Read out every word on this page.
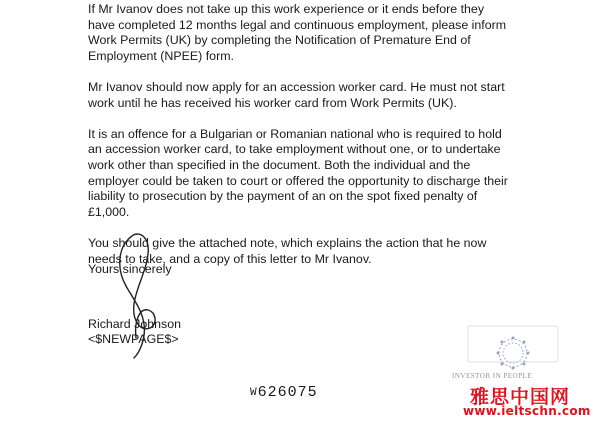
If Mr Ivanov does not take up this work experience or it ends before they
have completed 12 months legal and continuous employment, please inform
Work Permits (UK) by completing the Notification of Premature End of
Employment (NPEE) form.

Mr Ivanov should now apply for an accession worker card. He must not start
work until he has received his worker card from Work Permits (UK).

It is an offence for a Bulgarian or Romanian national who is required to hold
an accession worker card, to take employment without one, or to undertake
work other than specified in the document. Both the individual and the
employer could be taken to court or offered the opportunity to discharge their
liability to prosecution by the payment of an on the spot fixed penalty of
£1,000.

You should give the attached note, which explains the action that he now
needs to take, and a copy of this letter to Mr Ivanov.

Yours sincerely
Richard Johnson
<$NEWPAGE$>
W626075
INVESTOR IN PEOPLE
雅思中国网
www.ieltschn.com
